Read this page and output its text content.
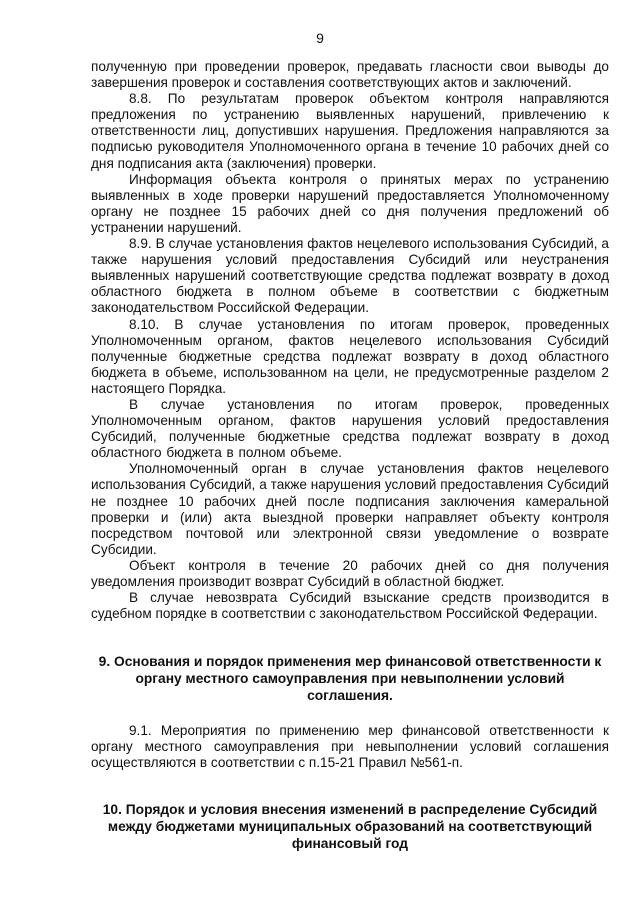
9

полученную при проведении проверок, предавать гласности свои выводы до завершения проверок и составления соответствующих актов и заключений.

8.8. По результатам проверок объектом контроля направляются предложения по устранению выявленных нарушений, привлечению к ответственности лиц, допустивших нарушения. Предложения направляются за подписью руководителя Уполномоченного органа в течение 10 рабочих дней со дня подписания акта (заключения) проверки.

Информация объекта контроля о принятых мерах по устранению выявленных в ходе проверки нарушений предоставляется Уполномоченному органу не позднее 15 рабочих дней со дня получения предложений об устранении нарушений.

8.9. В случае установления фактов нецелевого использования Субсидий, а также нарушения условий предоставления Субсидий или неустранения выявленных нарушений соответствующие средства подлежат возврату в доход областного бюджета в полном объеме в соответствии с бюджетным законодательством Российской Федерации.

8.10. В случае установления по итогам проверок, проведенных Уполномоченным органом, фактов нецелевого использования Субсидий полученные бюджетные средства подлежат возврату в доход областного бюджета в объеме, использованном на цели, не предусмотренные разделом 2 настоящего Порядка.

В случае установления по итогам проверок, проведенных Уполномоченным органом, фактов нарушения условий предоставления Субсидий, полученные бюджетные средства подлежат возврату в доход областного бюджета в полном объеме.

Уполномоченный орган в случае установления фактов нецелевого использования Субсидий, а также нарушения условий предоставления Субсидий не позднее 10 рабочих дней после подписания заключения камеральной проверки и (или) акта выездной проверки направляет объекту контроля посредством почтовой или электронной связи уведомление о возврате Субсидии.

Объект контроля в течение 20 рабочих дней со дня получения уведомления производит возврат Субсидий в областной бюджет.

В случае невозврата Субсидий взыскание средств производится в судебном порядке в соответствии с законодательством Российской Федерации.

9. Основания и порядок применения мер финансовой ответственности к органу местного самоуправления при невыполнении условий соглашения.

9.1. Мероприятия по применению мер финансовой ответственности к органу местного самоуправления при невыполнении условий соглашения осуществляются в соответствии с п.15-21 Правил №561-п.

10. Порядок и условия внесения изменений в распределение Субсидий между бюджетами муниципальных образований на соответствующий финансовый год
